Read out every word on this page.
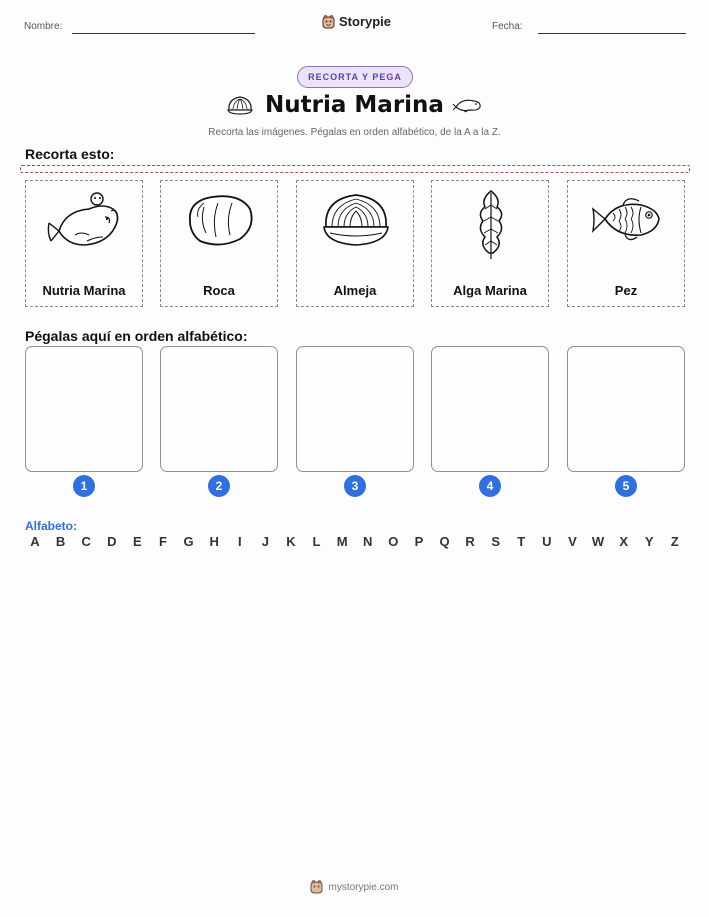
Nombre:	Storypie	Fecha:
RECORTA Y PEGA
Nutria Marina
Recorta las imágenes. Pégalas en orden alfabético, de la A a la Z.
Recorta esto:
Nutria Marina	Roca	Almeja	Alga Marina	Pez
Pégalas aquí en orden alfabético:
1	2	3	4	5
Alfabeto:
A	B	C	D	E	F	G	H	I	J	K	L	M	N	O	P	Q	R	S	T	U	V	W	X	Y	Z
mystorypie.com
